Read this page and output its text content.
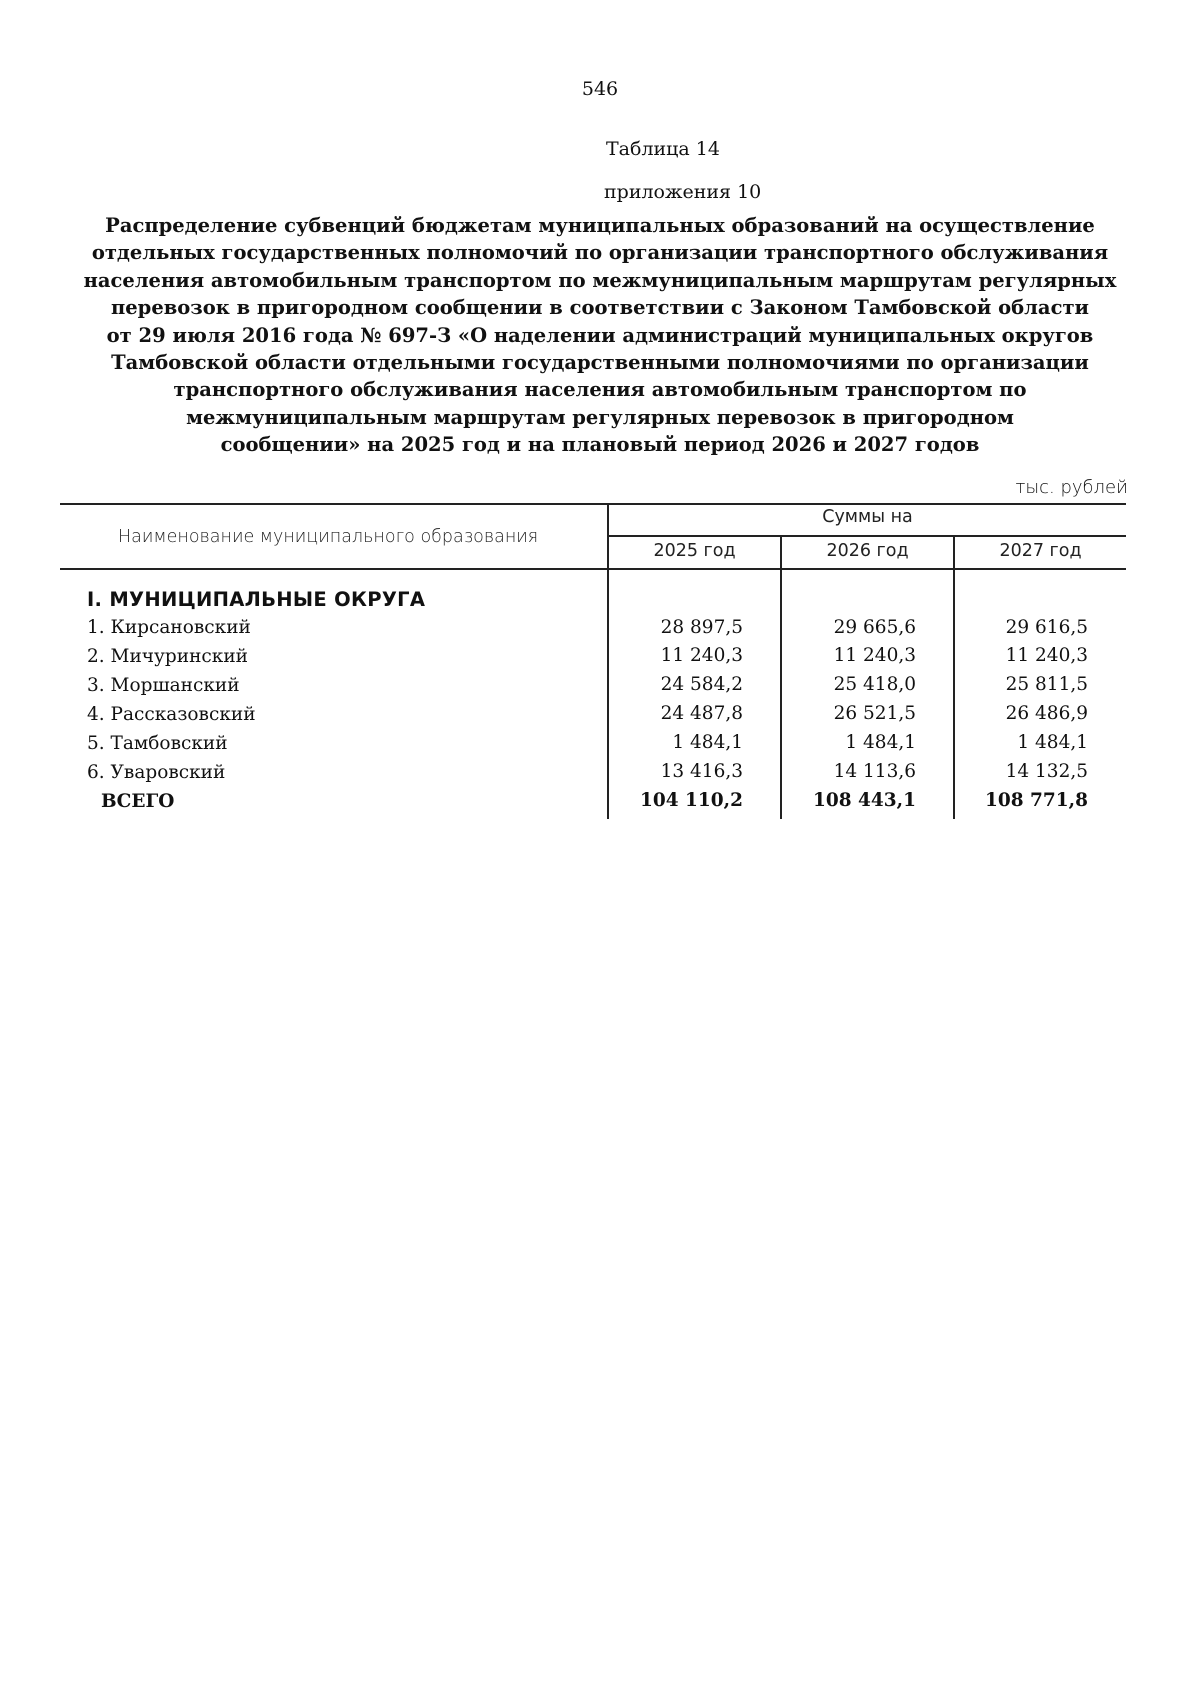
546
Таблица 14
приложения 10
Распределение субвенций бюджетам муниципальных образований на осуществление
отдельных государственных полномочий по организации транспортного обслуживания
населения автомобильным транспортом по межмуниципальным маршрутам регулярных
перевозок в пригородном сообщении в соответствии с Законом Тамбовской области
от 29 июля 2016 года № 697-З «О наделении администраций муниципальных округов
Тамбовской области отдельными государственными полномочиями по организации
транспортного обслуживания населения автомобильным транспортом по
межмуниципальным маршрутам регулярных перевозок в пригородном
сообщении» на 2025 год и на плановый период 2026 и 2027 годов
тыс. рублей
Наименование муниципального образования
Суммы на
2025 год	2026 год	2027 год
I. МУНИЦИПАЛЬНЫЕ ОКРУГА
1. Кирсановский	28 897,5	29 665,6	29 616,5
2. Мичуринский	11 240,3	11 240,3	11 240,3
3. Моршанский	24 584,2	25 418,0	25 811,5
4. Рассказовский	24 487,8	26 521,5	26 486,9
5. Тамбовский	1 484,1	1 484,1	1 484,1
6. Уваровский	13 416,3	14 113,6	14 132,5
ВСЕГО	104 110,2	108 443,1	108 771,8
